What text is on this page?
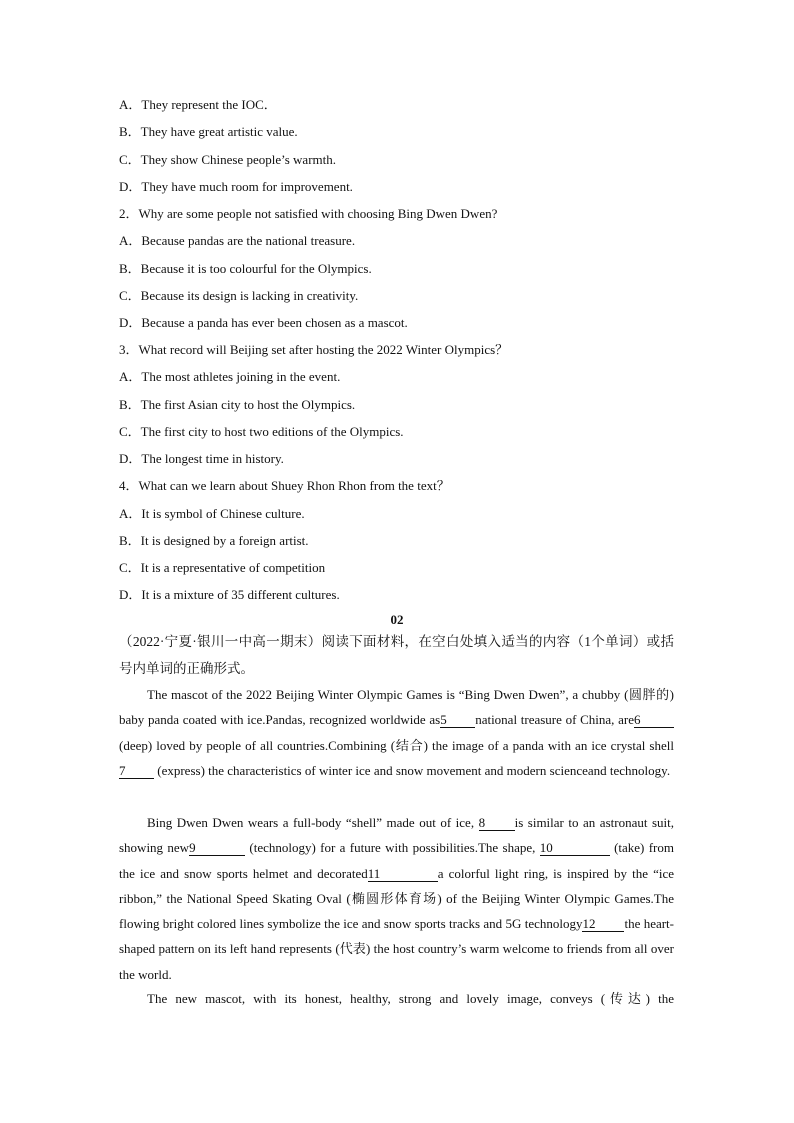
A．They represent the IOC．
B．They have great artistic value.
C．They show Chinese people’s warmth.
D．They have much room for improvement.
2．Why are some people not satisfied with choosing Bing Dwen Dwen?
A．Because pandas are the national treasure.
B．Because it is too colourful for the Olympics.
C．Because its design is lacking in creativity.
D．Because a panda has ever been chosen as a mascot.
3．What record will Beijing set after hosting the 2022 Winter Olympics？
A．The most athletes joining in the event.
B．The first Asian city to host the Olympics.
C．The first city to host two editions of the Olympics.
D．The longest time in history.
4．What can we learn about Shuey Rhon Rhon from the text？
A．It is symbol of Chinese culture.
B．It is designed by a foreign artist.
C．It is a representative of competition
D．It is a mixture of 35 different cultures.
02
（2022·宁夏·银川一中高一期末）阅读下面材料，在空白处填入适当的内容（1个单词）或括号内单词的正确形式。
The mascot of the 2022 Beijing Winter Olympic Games is “Bing Dwen Dwen”, a chubby (圆胖的) baby panda coated with ice.Pandas, recognized worldwide as5 national treasure of China, are6 (deep) loved by people of all countries.Combining (结合) the image of a panda with an ice crystal shell 7 (express) the characteristics of winter ice and snow movement and modern scienceand technology.
Bing Dwen Dwen wears a full-body “shell” made out of ice, 8 is similar to an astronaut suit, showing new9	(technology) for a future with possibilities.The shape, 10	(take) from the ice and snow sports helmet and decorated11	a colorful light ring, is inspired by the “ice ribbon,” the National Speed Skating Oval (椭圆形体育场) of the Beijing Winter Olympic Games.The flowing bright colored lines symbolize the ice and snow sports tracks and 5G technology12 the heart-shaped pattern on its left hand represents (代表) the host country’s warm welcome to friends from all over the world.
The new mascot, with its honest, healthy, strong and lovely image, conveys (传达) the
